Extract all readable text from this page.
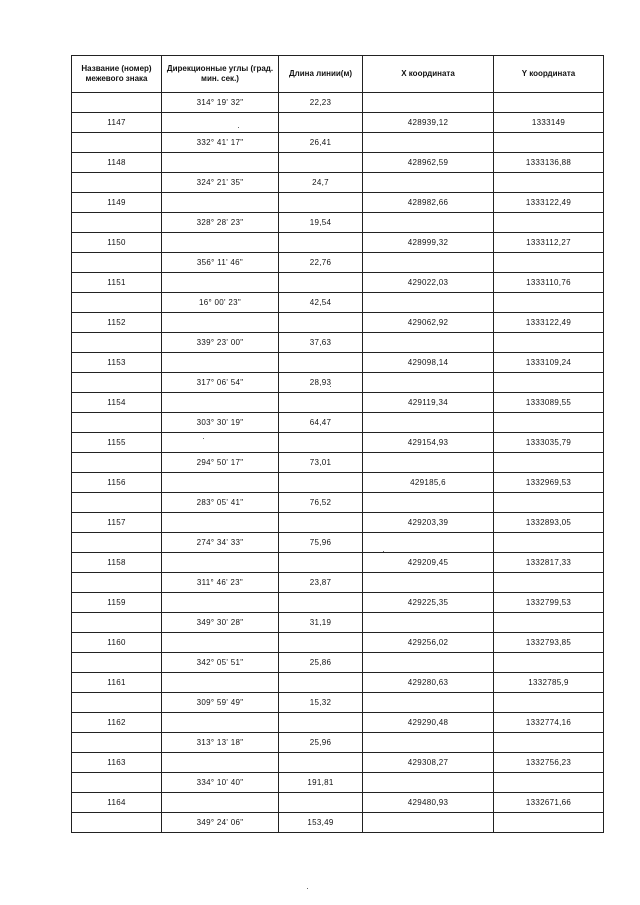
Название (номер) межевого знака	Дирекционные углы (град. мин. сек.)	Длина линии(м)	X координата	Y координата
	314° 19' 32"	22,23		
1147			428939,12	1333149
	332° 41' 17"	26,41		
1148			428962,59	1333136,88
	324° 21' 35"	24,7		
1149			428982,66	1333122,49
	328° 28' 23"	19,54		
1150			428999,32	1333112,27
	356° 11' 46"	22,76		
1151			429022,03	1333110,76
	16° 00' 23"	42,54		
1152			429062,92	1333122,49
	339° 23' 00"	37,63		
1153			429098,14	1333109,24
	317° 06' 54"	28,93		
1154			429119,34	1333089,55
	303° 30' 19"	64,47		
1155			429154,93	1333035,79
	294° 50' 17"	73,01		
1156			429185,6	1332969,53
	283° 05' 41"	76,52		
1157			429203,39	1332893,05
	274° 34' 33"	75,96		
1158			429209,45	1332817,33
	311° 46' 23"	23,87		
1159			429225,35	1332799,53
	349° 30' 28"	31,19		
1160			429256,02	1332793,85
	342° 05' 51"	25,86		
1161			429280,63	1332785,9
	309° 59' 49"	15,32		
1162			429290,48	1332774,16
	313° 13' 18"	25,96		
1163			429308,27	1332756,23
	334° 10' 40"	191,81		
1164			429480,93	1332671,66
	349° 24' 06"	153,49		
